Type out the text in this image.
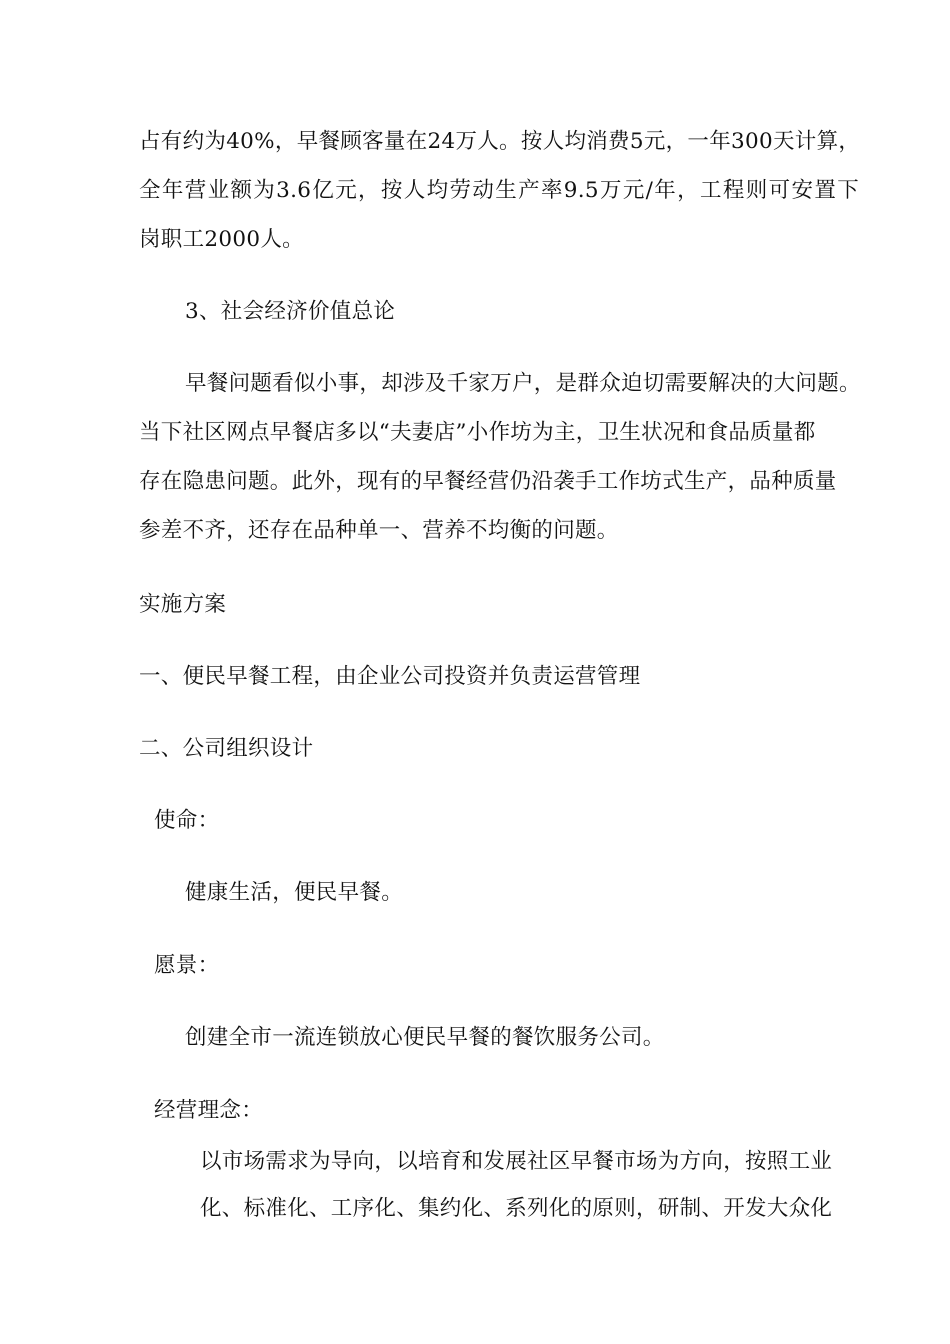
占有约为40%，早餐顾客量在24万人。按人均消费5元，一年300天计算，
全年营业额为3.6亿元，按人均劳动生产率9.5万元/年，工程则可安置下
岗职工2000人。
3、社会经济价值总论
早餐问题看似小事，却涉及千家万户，是群众迫切需要解决的大问题。
当下社区网点早餐店多以“夫妻店”小作坊为主，卫生状况和食品质量都
存在隐患问题。此外，现有的早餐经营仍沿袭手工作坊式生产，品种质量
参差不齐，还存在品种单一、营养不均衡的问题。
实施方案
一、便民早餐工程，由企业公司投资并负责运营管理
二、公司组织设计
使命：
健康生活，便民早餐。
愿景：
创建全市一流连锁放心便民早餐的餐饮服务公司。
经营理念：
以市场需求为导向，以培育和发展社区早餐市场为方向，按照工业
化、标准化、工序化、集约化、系列化的原则，研制、开发大众化
